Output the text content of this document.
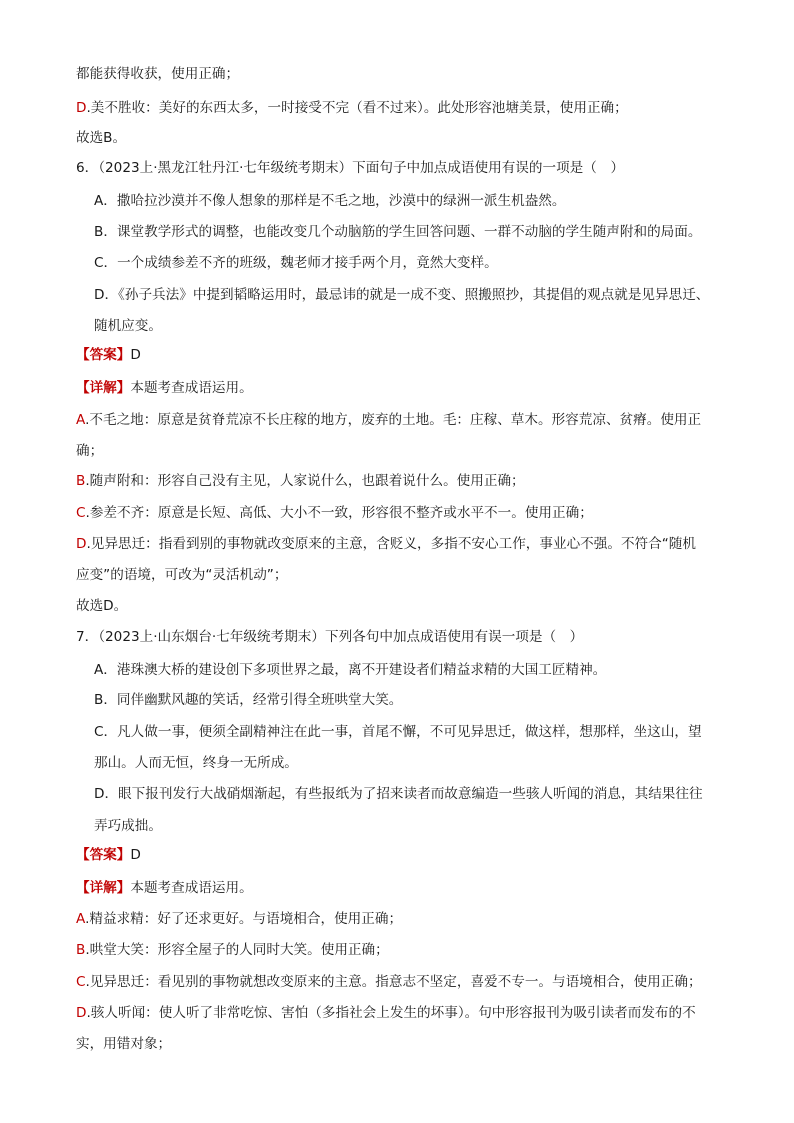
都能获得收获，使用正确；
D.美不胜收：美好的东西太多，一时接受不完（看不过来）。此处形容池塘美景，使用正确；
故选B。
6．（2023上·黑龙江牡丹江·七年级统考期末）下面句子中加点成语使用有误的一项是（　）
A．撒哈拉沙漠并不像人想象的那样是不毛之地，沙漠中的绿洲一派生机盎然。
B．课堂教学形式的调整，也能改变几个动脑筋的学生回答问题、一群不动脑的学生随声附和的局面。
C．一个成绩参差不齐的班级，魏老师才接手两个月，竟然大变样。
D．《孙子兵法》中提到韬略运用时，最忌讳的就是一成不变、照搬照抄，其提倡的观点就是见异思迁、
随机应变。
【答案】D
【详解】本题考查成语运用。
A.不毛之地：原意是贫脊荒凉不长庄稼的地方，废弃的土地。毛：庄稼、草木。形容荒凉、贫瘠。使用正
确；
B.随声附和：形容自己没有主见，人家说什么，也跟着说什么。使用正确；
C.参差不齐：原意是长短、高低、大小不一致，形容很不整齐或水平不一。使用正确；
D.见异思迁：指看到别的事物就改变原来的主意，含贬义，多指不安心工作，事业心不强。不符合“随机
应变”的语境，可改为“灵活机动”；
故选D。
7．（2023上·山东烟台·七年级统考期末）下列各句中加点成语使用有误一项是（　）
A．港珠澳大桥的建设创下多项世界之最，离不开建设者们精益求精的大国工匠精神。
B．同伴幽默风趣的笑话，经常引得全班哄堂大笑。
C．凡人做一事，便须全副精神注在此一事，首尾不懈，不可见异思迁，做这样，想那样，坐这山，望
那山。人而无恒，终身一无所成。
D．眼下报刊发行大战硝烟渐起，有些报纸为了招来读者而故意编造一些骇人听闻的消息，其结果往往
弄巧成拙。
【答案】D
【详解】本题考查成语运用。
A.精益求精：好了还求更好。与语境相合，使用正确；
B.哄堂大笑：形容全屋子的人同时大笑。使用正确；
C.见异思迁：看见别的事物就想改变原来的主意。指意志不坚定，喜爱不专一。与语境相合，使用正确；
D.骇人听闻：使人听了非常吃惊、害怕（多指社会上发生的坏事）。句中形容报刊为吸引读者而发布的不
实，用错对象；
